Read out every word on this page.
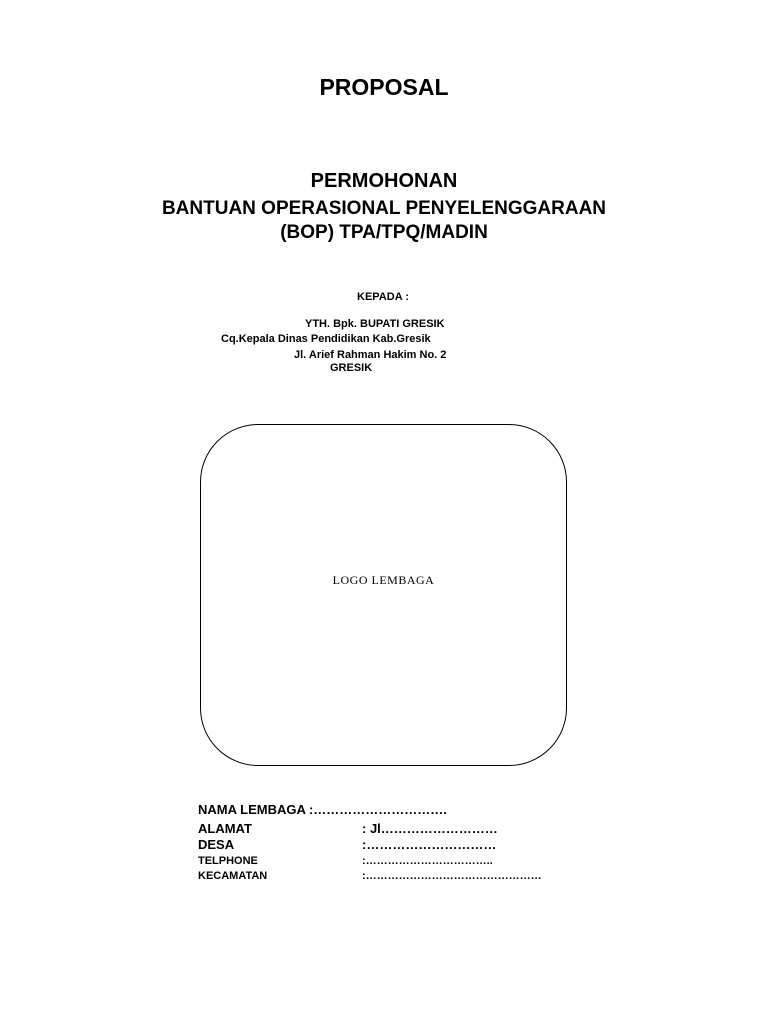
PROPOSAL
PERMOHONAN
BANTUAN OPERASIONAL PENYELENGGARAAN
(BOP) TPA/TPQ/MADIN
KEPADA :
YTH. Bpk. BUPATI GRESIK
Cq.Kepala Dinas Pendidikan Kab.Gresik
Jl. Arief Rahman Hakim No. 2
GRESIK
LOGO LEMBAGA
NAMA LEMBAGA :………………………….
ALAMAT	: Jl………………………
DESA	:…………………………
TELPHONE	:……………………………..
KECAMATAN	:…………………………………………
